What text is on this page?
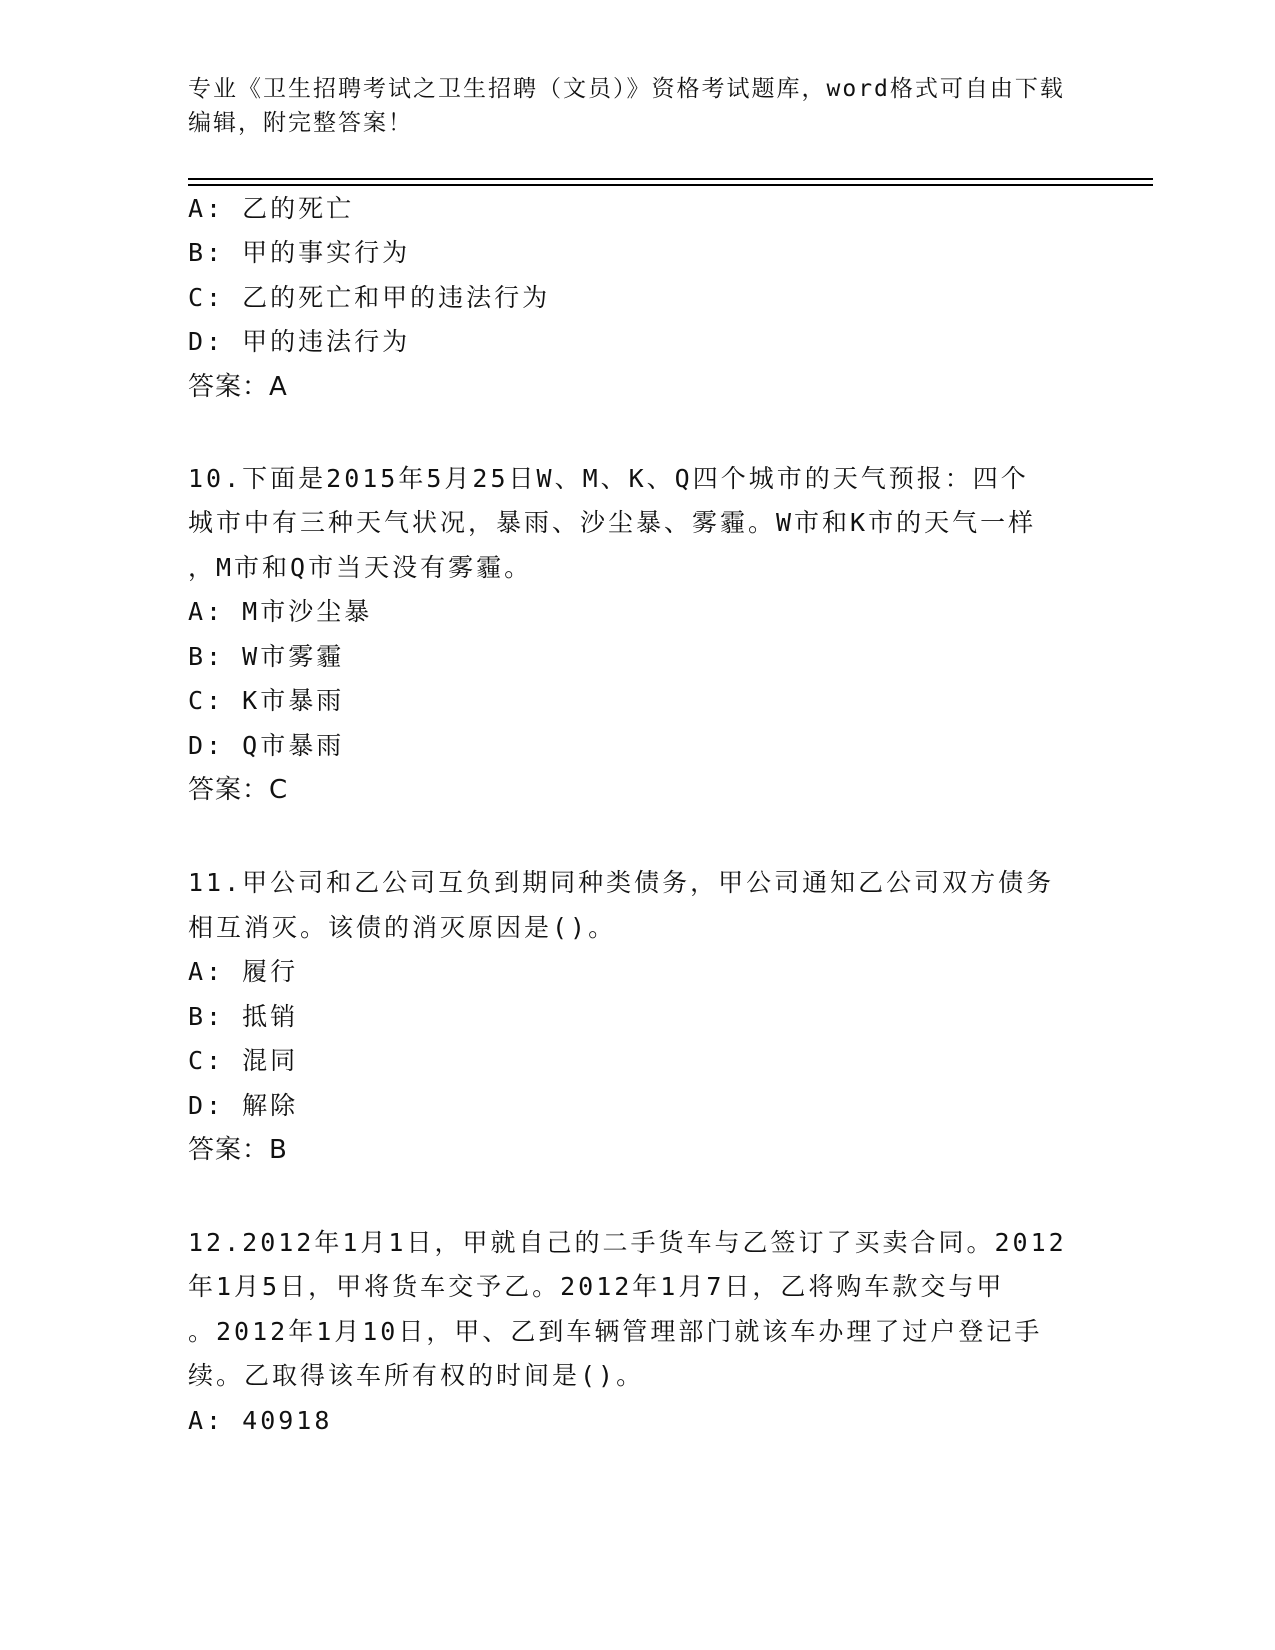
专业《卫生招聘考试之卫生招聘（文员）》资格考试题库，word格式可自由下载
编辑，附完整答案！
A: 乙的死亡
B: 甲的事实行为
C: 乙的死亡和甲的违法行为
D: 甲的违法行为
答案：A
10.下面是2015年5月25日W、M、K、Q四个城市的天气预报：四个
城市中有三种天气状况，暴雨、沙尘暴、雾霾。W市和K市的天气一样
，M市和Q市当天没有雾霾。
A: M市沙尘暴
B: W市雾霾
C: K市暴雨
D: Q市暴雨
答案：C
11.甲公司和乙公司互负到期同种类债务，甲公司通知乙公司双方债务
相互消灭。该债的消灭原因是()。
A: 履行
B: 抵销
C: 混同
D: 解除
答案：B
12.2012年1月1日，甲就自己的二手货车与乙签订了买卖合同。2012
年1月5日，甲将货车交予乙。2012年1月7日，乙将购车款交与甲
。2012年1月10日，甲、乙到车辆管理部门就该车办理了过户登记手
续。乙取得该车所有权的时间是()。
A: 40918
